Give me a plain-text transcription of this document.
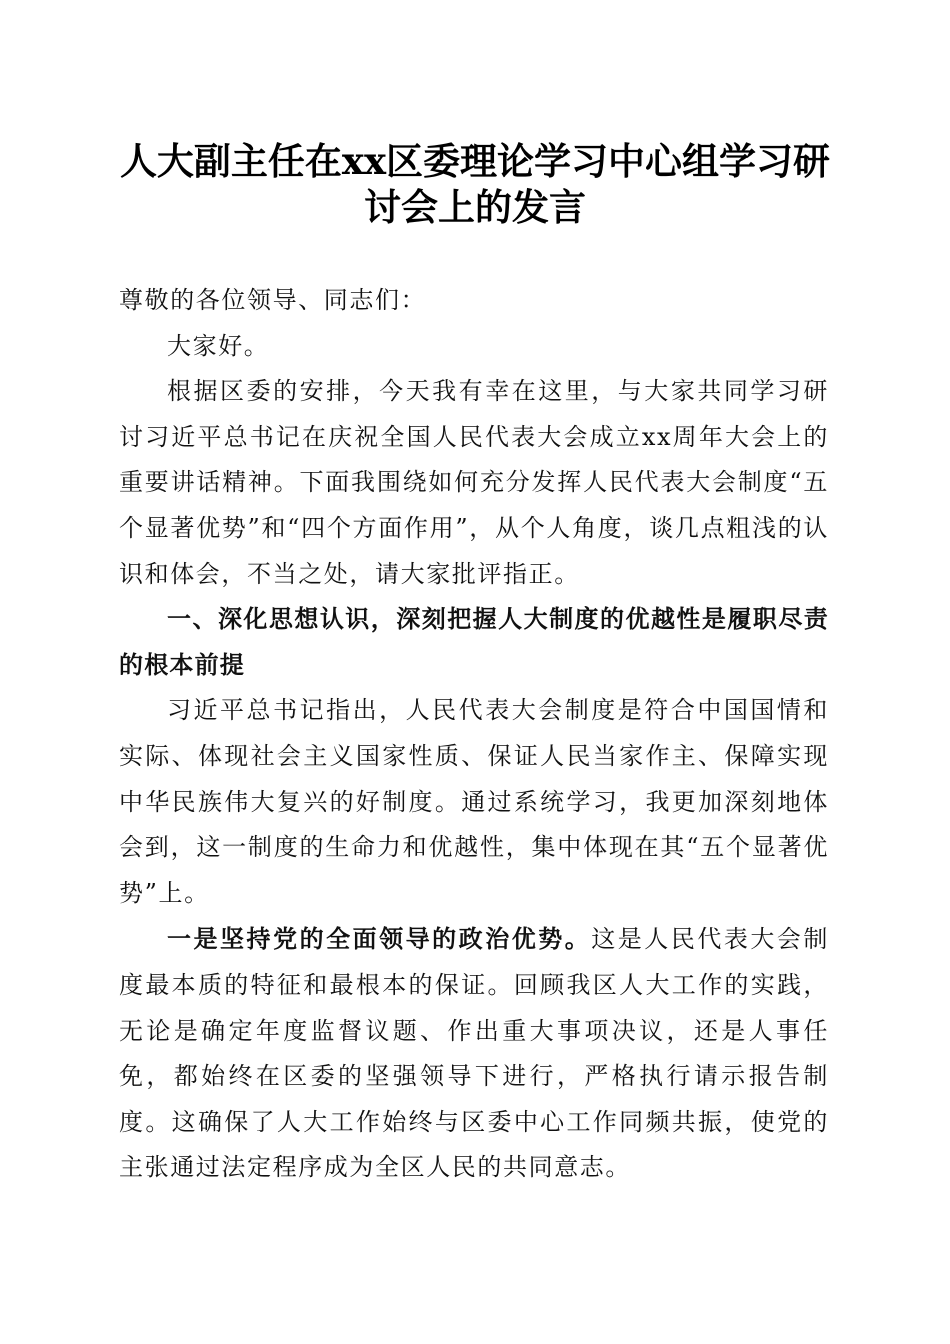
人大副主任在xx区委理论学习中心组学习研
讨会上的发言

尊敬的各位领导、同志们：

大家好。

根据区委的安排，今天我有幸在这里，与大家共同学习研讨习近平总书记在庆祝全国人民代表大会成立xx周年大会上的重要讲话精神。下面我围绕如何充分发挥人民代表大会制度“五个显著优势”和“四个方面作用”，从个人角度，谈几点粗浅的认识和体会，不当之处，请大家批评指正。

一、深化思想认识，深刻把握人大制度的优越性是履职尽责的根本前提

习近平总书记指出，人民代表大会制度是符合中国国情和实际、体现社会主义国家性质、保证人民当家作主、保障实现中华民族伟大复兴的好制度。通过系统学习，我更加深刻地体会到，这一制度的生命力和优越性，集中体现在其“五个显著优势”上。

一是坚持党的全面领导的政治优势。这是人民代表大会制度最本质的特征和最根本的保证。回顾我区人大工作的实践，无论是确定年度监督议题、作出重大事项决议，还是人事任免，都始终在区委的坚强领导下进行，严格执行请示报告制度。这确保了人大工作始终与区委中心工作同频共振，使党的主张通过法定程序成为全区人民的共同意志。
